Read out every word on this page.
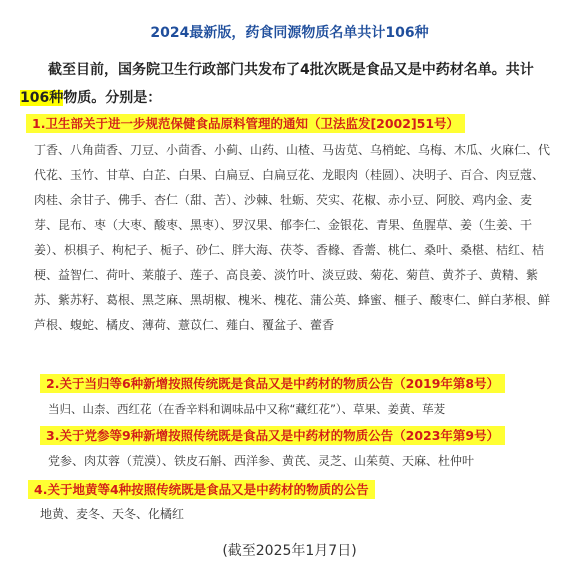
2024最新版，药食同源物质名单共计106种
截至目前，国务院卫生行政部门共发布了4批次既是食品又是中药材名单。共计106种物质。分别是：
1.卫生部关于进一步规范保健食品原料管理的通知（卫法监发[2002]51号）
丁香、八角茴香、刀豆、小茴香、小蓟、山药、山楂、马齿苋、乌梢蛇、乌梅、木瓜、火麻仁、代代花、玉竹、甘草、白芷、白果、白扁豆、白扁豆花、龙眼肉（桂圆）、决明子、百合、肉豆蔻、肉桂、余甘子、佛手、杏仁（甜、苦）、沙棘、牡蛎、芡实、花椒、赤小豆、阿胶、鸡内金、麦芽、昆布、枣（大枣、酸枣、黑枣）、罗汉果、郁李仁、金银花、青果、鱼腥草、姜（生姜、干姜）、枳椇子、枸杞子、栀子、砂仁、胖大海、茯苓、香橼、香薷、桃仁、桑叶、桑椹、桔红、桔梗、益智仁、荷叶、莱菔子、莲子、高良姜、淡竹叶、淡豆豉、菊花、菊苣、黄芥子、黄精、紫苏、紫苏籽、葛根、黑芝麻、黑胡椒、槐米、槐花、蒲公英、蜂蜜、榧子、酸枣仁、鲜白茅根、鲜芦根、蝮蛇、橘皮、薄荷、薏苡仁、薤白、覆盆子、藿香
2.关于当归等6种新增按照传统既是食品又是中药材的物质公告（2019年第8号）
当归、山柰、西红花（在香辛料和调味品中又称“藏红花”）、草果、姜黄、荜茇
3.关于党参等9种新增按照传统既是食品又是中药材的物质公告（2023年第9号）
党参、肉苁蓉（荒漠）、铁皮石斛、西洋参、黄芪、灵芝、山茱萸、天麻、杜仲叶
4.关于地黄等4种按照传统既是食品又是中药材的物质的公告
地黄、麦冬、天冬、化橘红
(截至2025年1月7日)
